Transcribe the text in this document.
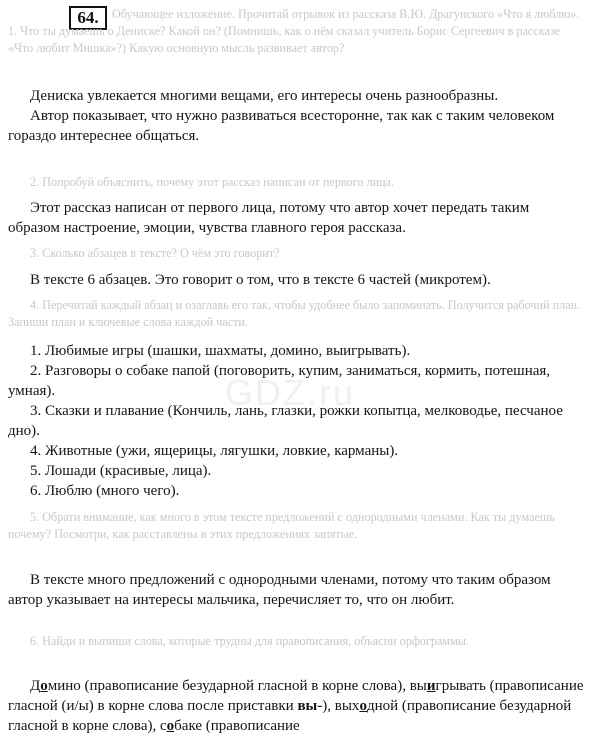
GDZ.ru
64.	Обучающее изложение. Прочитай отрывок из рассказа В.Ю. Драгунского «Что я люблю». 1. Что ты думаешь о Дениске? Какой он? (Помнишь, как о нём сказал учитель Борис Сергеевич в рассказе «Что любит Мишка»?) Какую основную мысль развивает автор?

Дениска увлекается многими вещами, его интересы очень разнообразны.

Автор показывает, что нужно развиваться всесторонне, так как с таким человеком гораздо интереснее общаться.

2. Попробуй объяснить, почему этот рассказ написан от первого лица.

Этот рассказ написан от первого лица, потому что автор хочет передать таким образом настроение, эмоции, чувства главного героя рассказа.

3. Сколько абзацев в тексте? О чём это говорит?

В тексте 6 абзацев. Это говорит о том, что в тексте 6 частей (микротем).

4. Перечитай каждый абзац и озаглавь его так, чтобы удобнее было запоминать. Получится рабочий план. Запиши план и ключевые слова каждой части.

1. Любимые игры (шашки, шахматы, домино, выигрывать).

2. Разговоры о собаке папой (поговорить, купим, заниматься, кормить, потешная, умная).

3. Сказки и плавание (Кончиль, лань, глазки, рожки копытца, мелководье, песчаное дно).

4. Животные (ужи, ящерицы, лягушки, ловкие, карманы).

5. Лошади (красивые, лица).

6. Люблю (много чего).

5. Обрати внимание, как много в этом тексте предложений с однородными членами. Как ты думаешь почему? Посмотри, как расставлены в этих предложениях запятые.

В тексте много предложений с однородными членами, потому что таким образом автор указывает на интересы мальчика, перечисляет то, что он любит.

6. Найди и выпиши слова, которые трудны для правописания, объясни орфограммы.

Домино (правописание безударной гласной в корне слова), выигрывать (правописание гласной (и/ы) в корне слова после приставки вы-), выходной (правописание безударной гласной в корне слова), собаке (правописание
